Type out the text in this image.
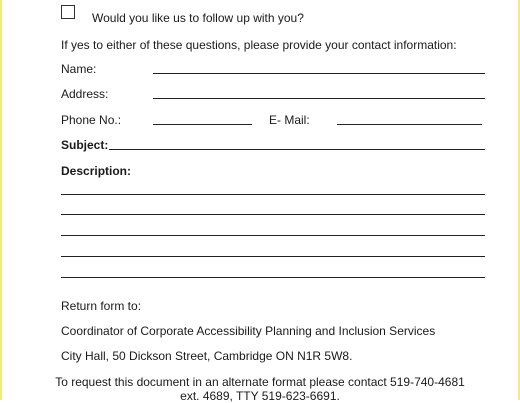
Would you like us to follow up with you?
If yes to either of these questions, please provide your contact information:
Name:
Address:
Phone No.:	E- Mail:
Subject:
Description:
Return form to:
Coordinator of Corporate Accessibility Planning and Inclusion Services
City Hall, 50 Dickson Street, Cambridge ON N1R 5W8.
To request this document in an alternate format please contact 519-740-4681
ext. 4689, TTY 519-623-6691.
